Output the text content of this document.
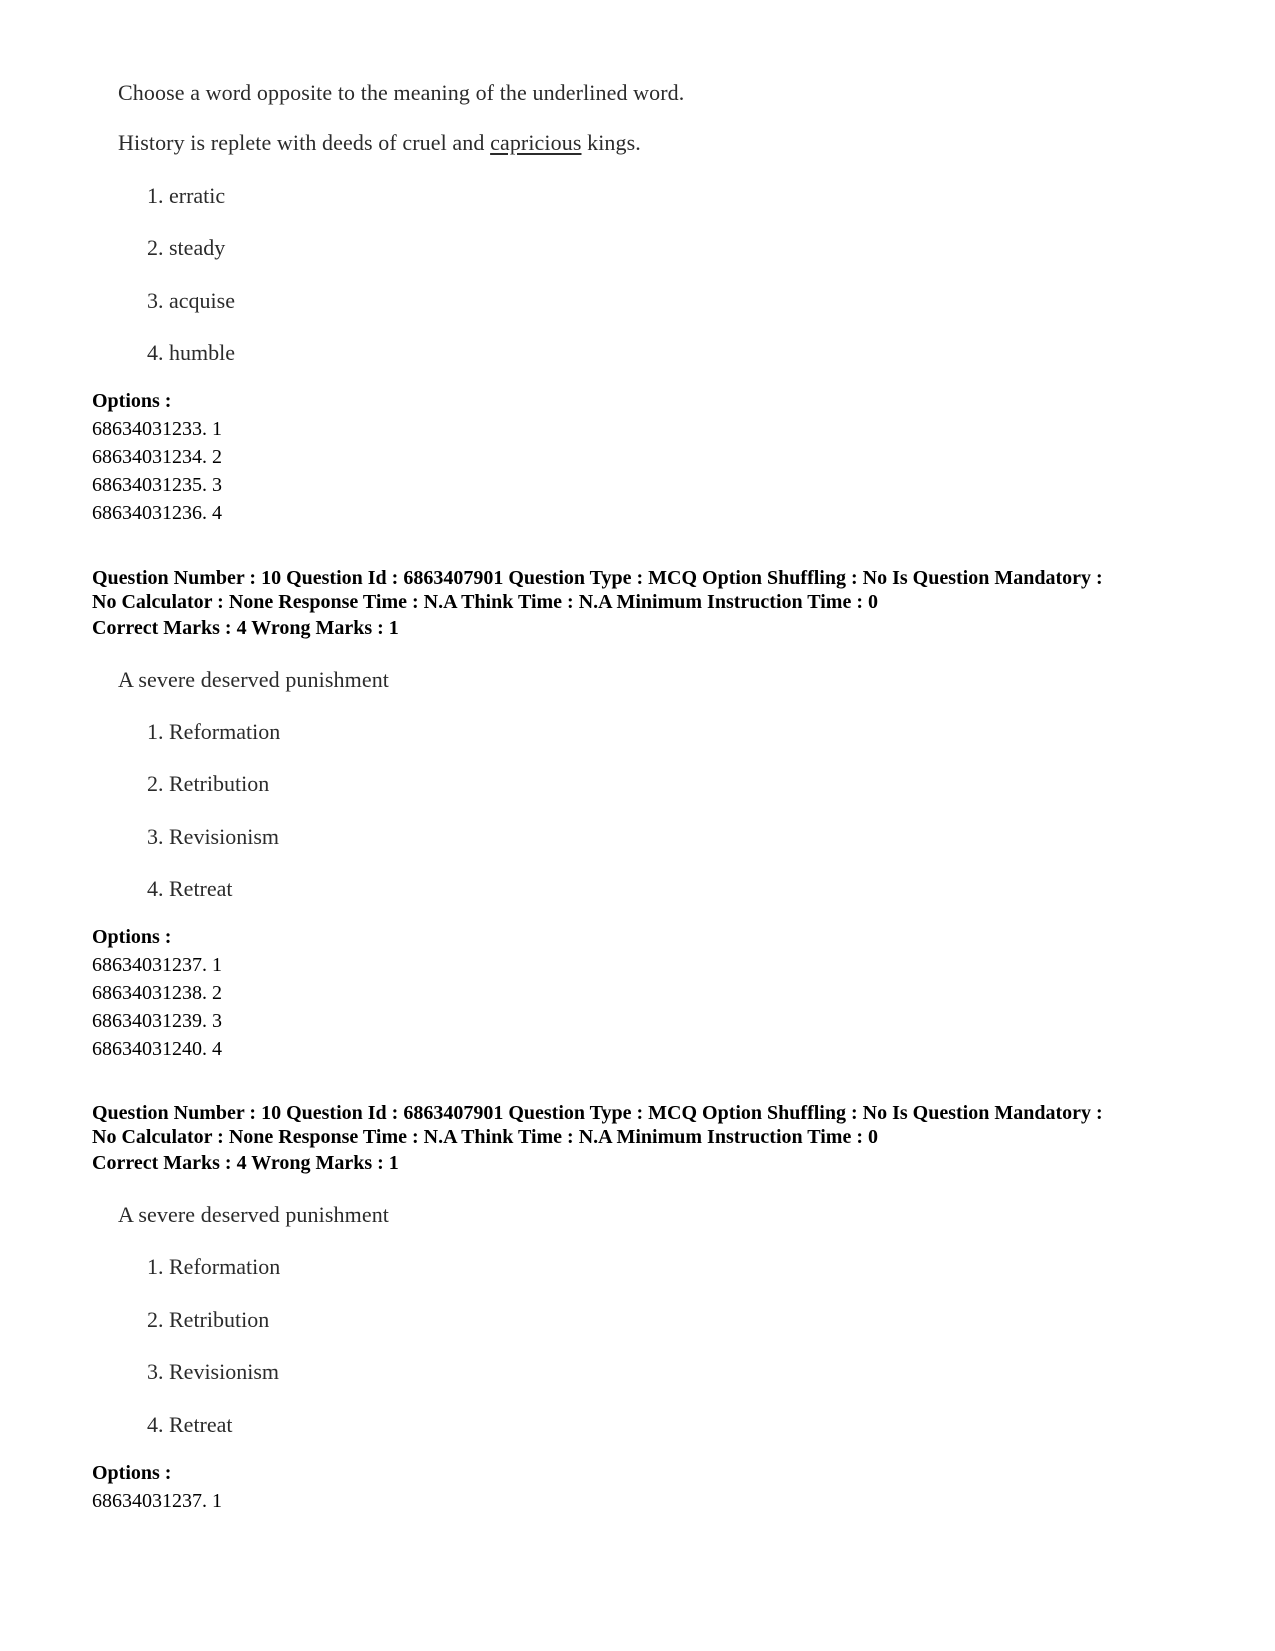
Choose a word opposite to the meaning of the underlined word.
History is replete with deeds of cruel and capricious kings.
1. erratic
2. steady
3. acquise
4. humble
Options :
68634031233. 1
68634031234. 2
68634031235. 3
68634031236. 4
Question Number : 10 Question Id : 6863407901 Question Type : MCQ Option Shuffling : No Is Question Mandatory :
No Calculator : None Response Time : N.A Think Time : N.A Minimum Instruction Time : 0
Correct Marks : 4 Wrong Marks : 1
A severe deserved punishment
1. Reformation
2. Retribution
3. Revisionism
4. Retreat
Options :
68634031237. 1
68634031238. 2
68634031239. 3
68634031240. 4
Question Number : 10 Question Id : 6863407901 Question Type : MCQ Option Shuffling : No Is Question Mandatory :
No Calculator : None Response Time : N.A Think Time : N.A Minimum Instruction Time : 0
Correct Marks : 4 Wrong Marks : 1
A severe deserved punishment
1. Reformation
2. Retribution
3. Revisionism
4. Retreat
Options :
68634031237. 1
